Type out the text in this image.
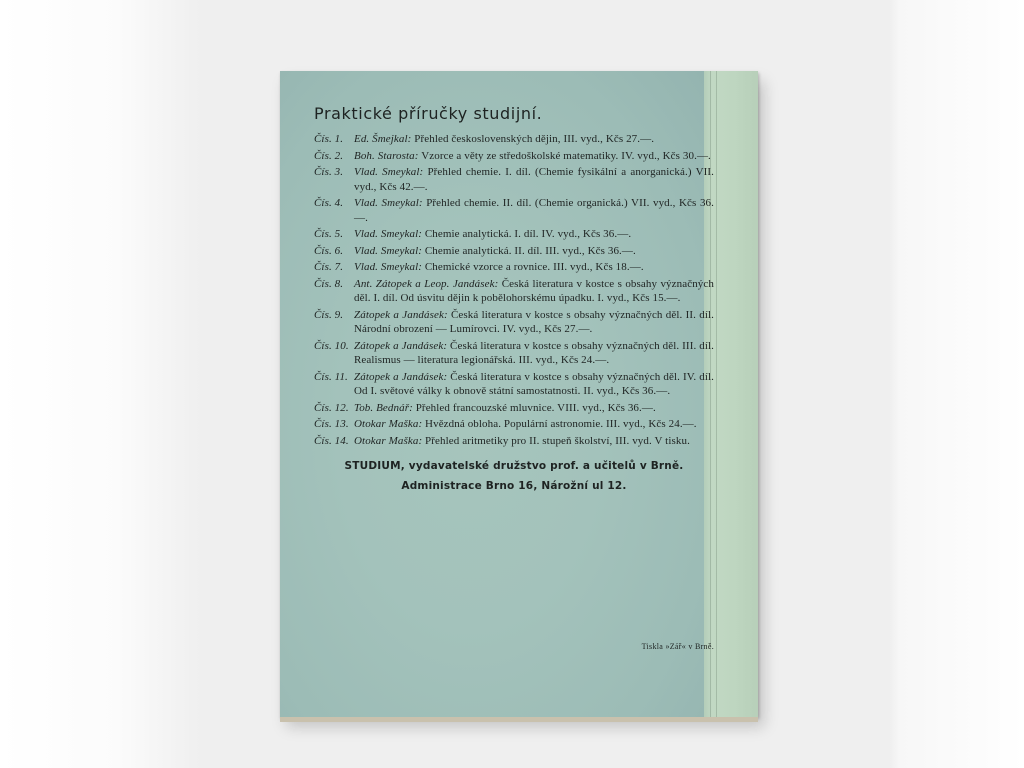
Praktické příručky studijní.
Čís. 1. Ed. Šmejkal: Přehled československých dějin, III. vyd., Kčs 27.—.
Čís. 2. Boh. Starosta: Vzorce a věty ze středoškolské matematiky. IV. vyd., Kčs 30.—.
Čís. 3. Vlad. Smeykal: Přehled chemie. I. díl. (Chemie fysikální a anorganická.) VII. vyd., Kčs 42.—.
Čís. 4. Vlad. Smeykal: Přehled chemie. II. díl. (Chemie organická.) VII. vyd., Kčs 36.—.
Čís. 5. Vlad. Smeykal: Chemie analytická. I. díl. IV. vyd., Kčs 36.—.
Čís. 6. Vlad. Smeykal: Chemie analytická. II. díl. III. vyd., Kčs 36.—.
Čís. 7. Vlad. Smeykal: Chemické vzorce a rovnice. III. vyd., Kčs 18.—.
Čís. 8. Ant. Zátopek a Leop. Jandásek: Česká literatura v kostce s obsahy význačných děl. I. díl. Od úsvitu dějin k pobělohorskému úpadku. I. vyd., Kčs 15.—.
Čís. 9. Zátopek a Jandásek: Česká literatura v kostce s obsahy význačných děl. II. díl. Národní obrození — Lumírovci. IV. vyd., Kčs 27.—.
Čís. 10. Zátopek a Jandásek: Česká literatura v kostce s obsahy význačných děl. III. díl. Realismus — literatura legionářská. III. vyd., Kčs 24.—.
Čís. 11. Zátopek a Jandásek: Česká literatura v kostce s obsahy význačných děl. IV. díl. Od I. světové války k obnově státní samostatnosti. II. vyd., Kčs 36.—.
Čís. 12. Tob. Bednář: Přehled francouzské mluvnice. VIII. vyd., Kčs 36.—.
Čís. 13. Otokar Maška: Hvězdná obloha. Populární astronomie. III. vyd., Kčs 24.—.
Čís. 14. Otokar Maška: Přehled aritmetiky pro II. stupeň školství, III. vyd. V tisku.
STUDIUM, vydavatelské družstvo prof. a učitelů v Brně.
Administrace Brno 16, Nárožní ul 12.
Tiskla »Zář« v Brně.
